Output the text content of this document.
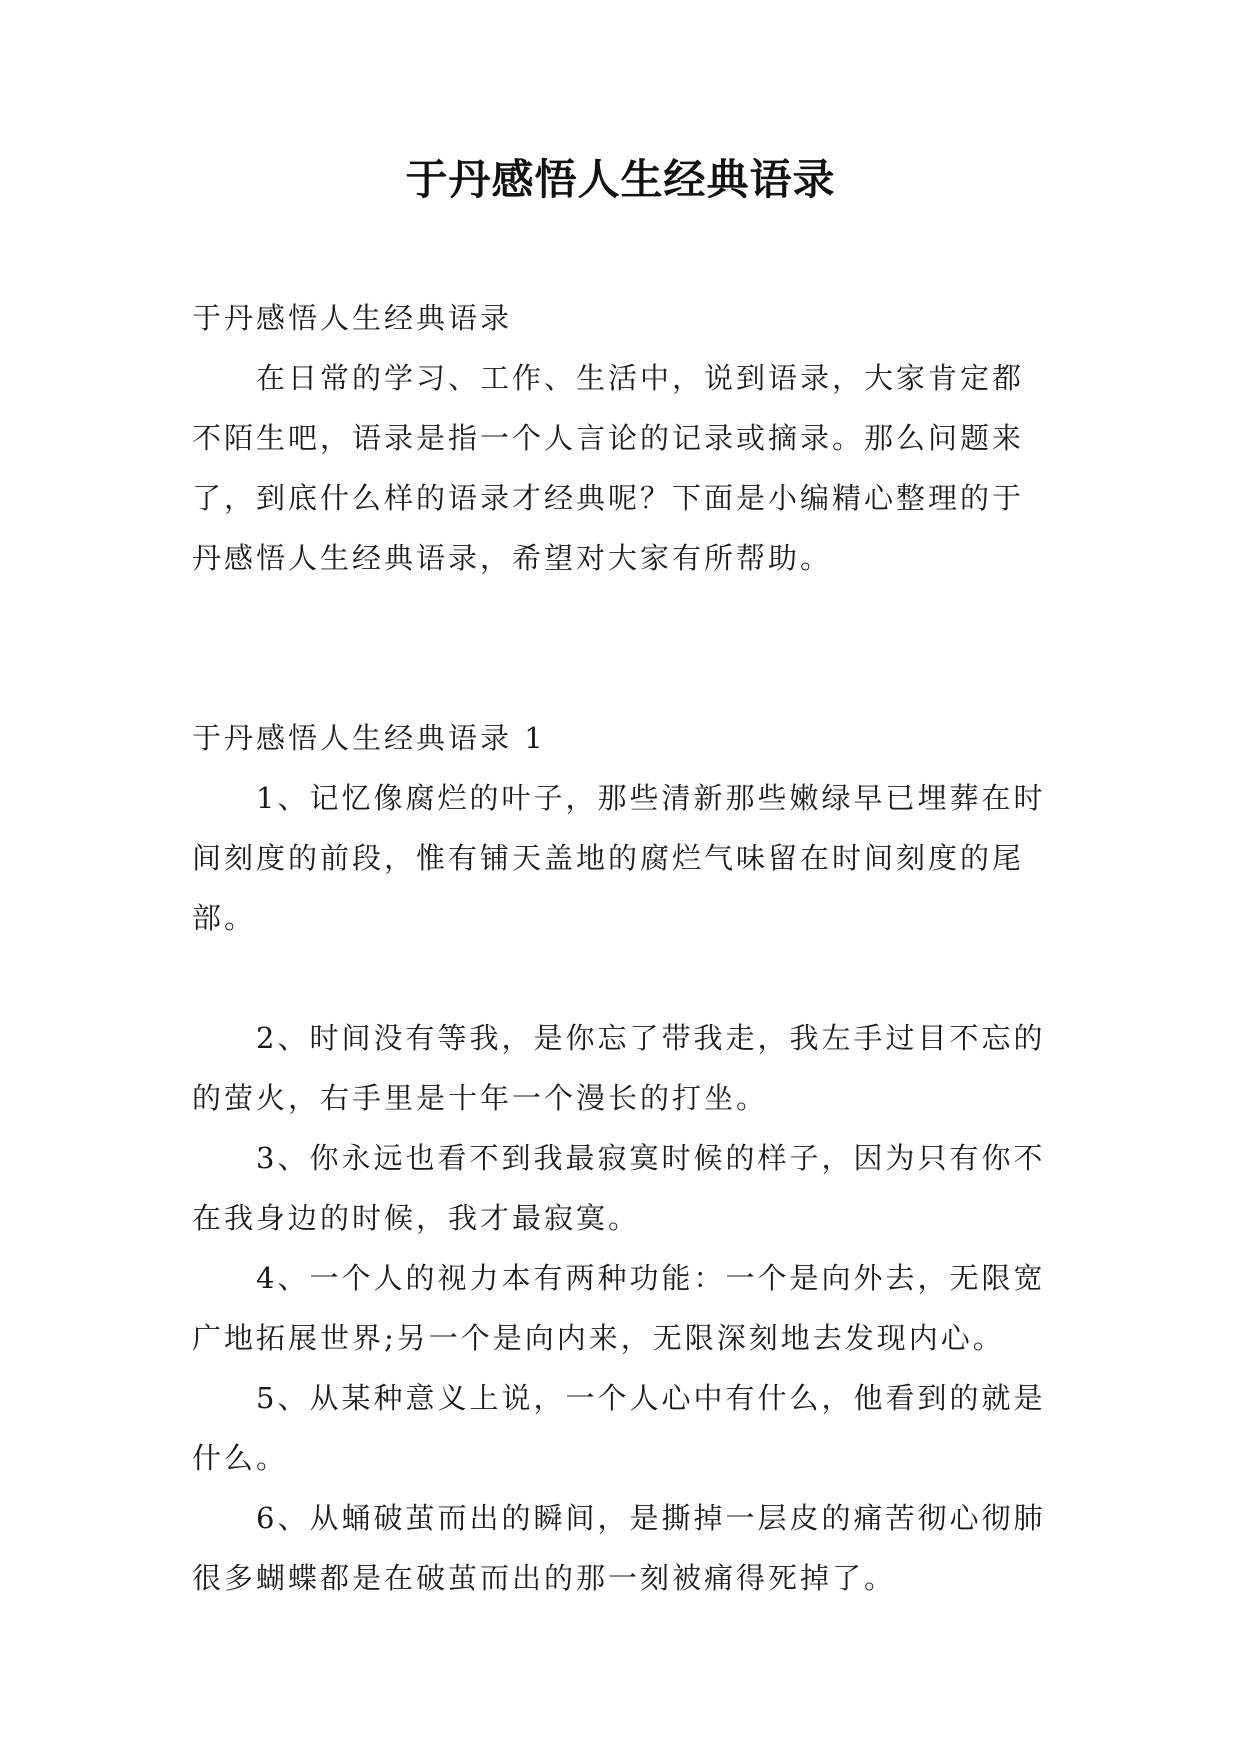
于丹感悟人生经典语录

于丹感悟人生经典语录

在日常的学习、工作、生活中，说到语录，大家肯定都不陌生吧，语录是指一个人言论的记录或摘录。那么问题来了，到底什么样的语录才经典呢？下面是小编精心整理的于丹感悟人生经典语录，希望对大家有所帮助。

于丹感悟人生经典语录 1

1、记忆像腐烂的叶子，那些清新那些嫩绿早已埋葬在时间刻度的前段，惟有铺天盖地的腐烂气味留在时间刻度的尾部。

2、时间没有等我，是你忘了带我走，我左手过目不忘的的萤火，右手里是十年一个漫长的打坐。

3、你永远也看不到我最寂寞时候的样子，因为只有你不在我身边的时候，我才最寂寞。

4、一个人的视力本有两种功能：一个是向外去，无限宽广地拓展世界;另一个是向内来，无限深刻地去发现内心。

5、从某种意义上说，一个人心中有什么，他看到的就是什么。

6、从蛹破茧而出的瞬间，是撕掉一层皮的痛苦彻心彻肺很多蝴蝶都是在破茧而出的那一刻被痛得死掉了。
